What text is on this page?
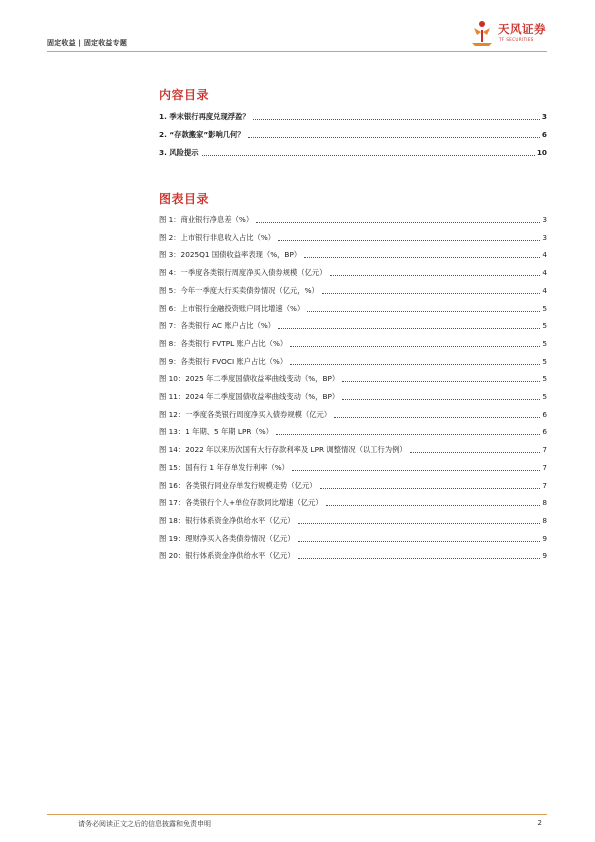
固定收益 | 固定收益专题
天风证券
TF SECURITIES
内容目录
1. 季末银行再度兑现浮盈？	3
2. “存款搬家”影响几何？	6
3. 风险提示	10
图表目录
图 1：商业银行净息差（%）	3
图 2：上市银行非息收入占比（%）	3
图 3：2025Q1 国债收益率表现（%，BP）	4
图 4：一季度各类银行周度净买入债券规模（亿元）	4
图 5：今年一季度大行买卖债券情况（亿元，%）	4
图 6：上市银行金融投资账户同比增速（%）	5
图 7：各类银行 AC 账户占比（%）	5
图 8：各类银行 FVTPL 账户占比（%）	5
图 9：各类银行 FVOCI 账户占比（%）	5
图 10：2025 年二季度国债收益率曲线变动（%，BP）	5
图 11：2024 年二季度国债收益率曲线变动（%，BP）	5
图 12：一季度各类银行周度净买入债券规模（亿元）	6
图 13：1 年期、5 年期 LPR（%）	6
图 14：2022 年以来历次国有大行存款利率及 LPR 调整情况（以工行为例）	7
图 15：国有行 1 年存单发行利率（%）	7
图 16：各类银行同业存单发行规模走势（亿元）	7
图 17：各类银行个人+单位存款同比增速（亿元）	8
图 18：银行体系资金净供给水平（亿元）	8
图 19：理财净买入各类债券情况（亿元）	9
图 20：银行体系资金净供给水平（亿元）	9
请务必阅读正文之后的信息披露和免责申明	2
